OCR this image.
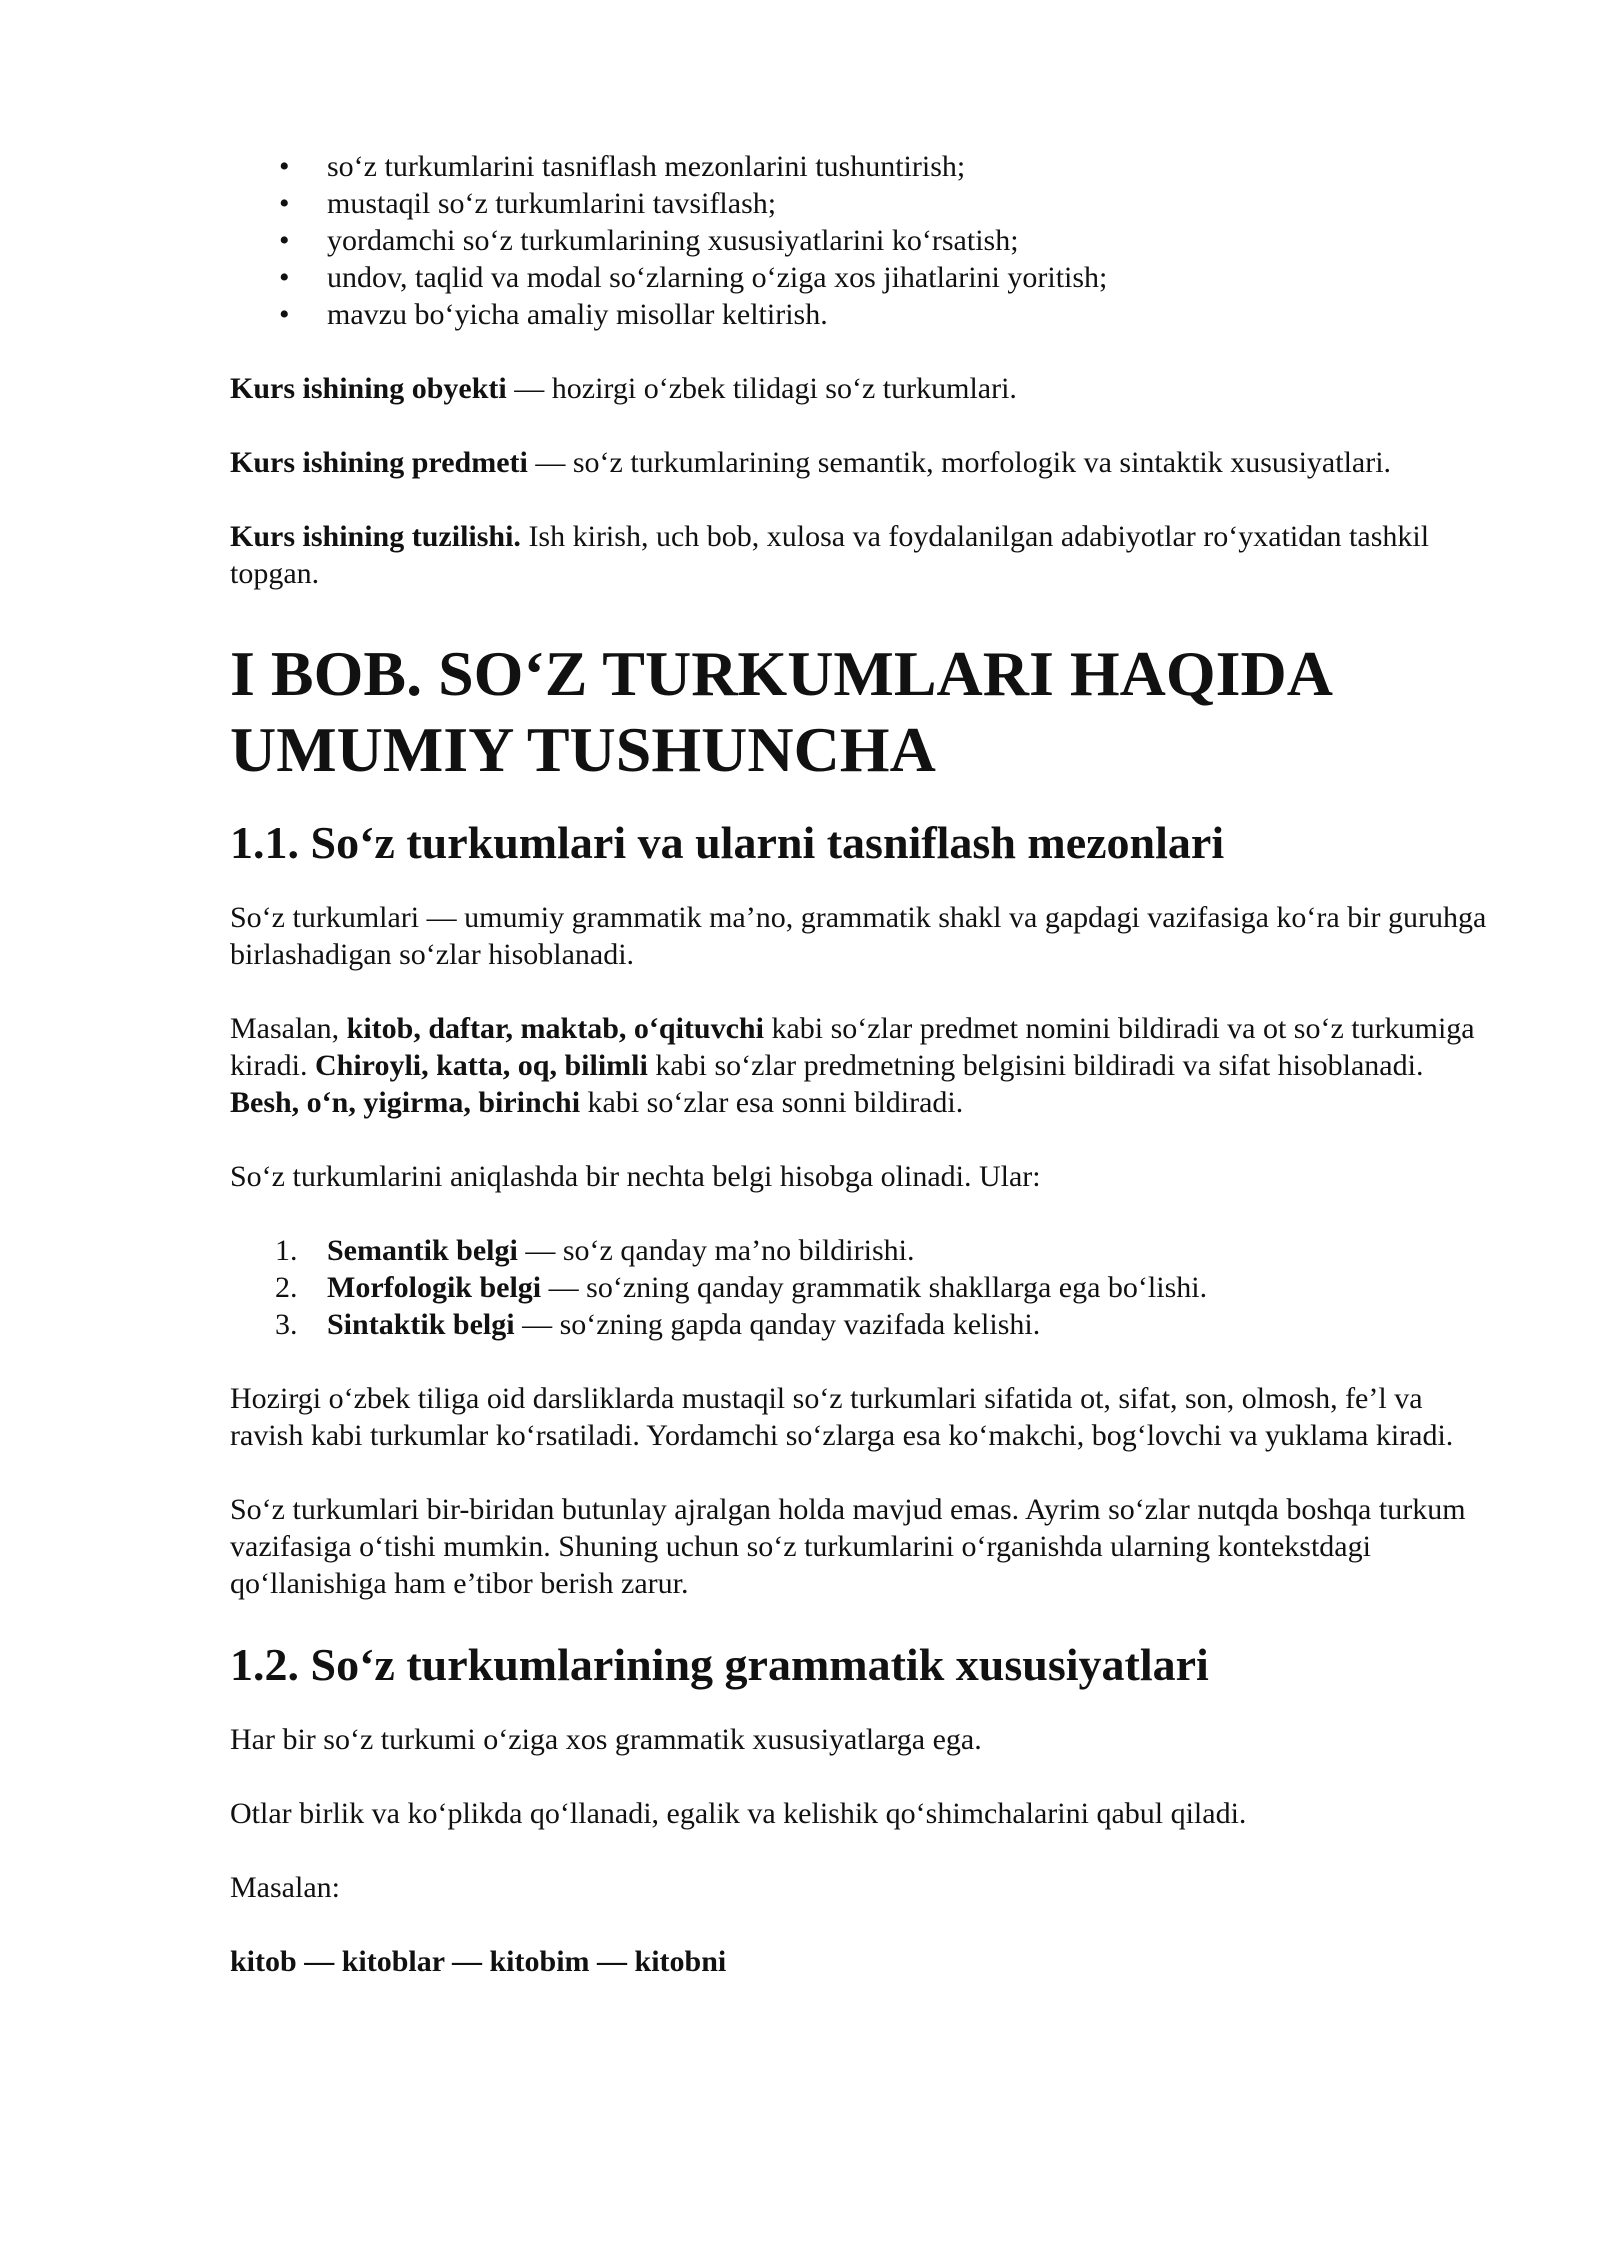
• so‘z turkumlarini tasniflash mezonlarini tushuntirish;
• mustaqil so‘z turkumlarini tavsiflash;
• yordamchi so‘z turkumlarining xususiyatlarini ko‘rsatish;
• undov, taqlid va modal so‘zlarning o‘ziga xos jihatlarini yoritish;
• mavzu bo‘yicha amaliy misollar keltirish.

Kurs ishining obyekti — hozirgi o‘zbek tilidagi so‘z turkumlari.

Kurs ishining predmeti — so‘z turkumlarining semantik, morfologik va sintaktik xususiyatlari.

Kurs ishining tuzilishi. Ish kirish, uch bob, xulosa va foydalanilgan adabiyotlar ro‘yxatidan tashkil topgan.

I BOB. SO‘Z TURKUMLARI HAQIDA
UMUMIY TUSHUNCHA
1.1. So‘z turkumlari va ularni tasniflash mezonlari

So‘z turkumlari — umumiy grammatik ma’no, grammatik shakl va gapdagi vazifasiga ko‘ra bir guruhga birlashadigan so‘zlar hisoblanadi.

Masalan, kitob, daftar, maktab, o‘qituvchi kabi so‘zlar predmet nomini bildiradi va ot so‘z turkumiga kiradi. Chiroyli, katta, oq, bilimli kabi so‘zlar predmetning belgisini bildiradi va sifat hisoblanadi. Besh, o‘n, yigirma, birinchi kabi so‘zlar esa sonni bildiradi.

So‘z turkumlarini aniqlashda bir nechta belgi hisobga olinadi. Ular:

1. Semantik belgi — so‘z qanday ma’no bildirishi.
2. Morfologik belgi — so‘zning qanday grammatik shakllarga ega bo‘lishi.
3. Sintaktik belgi — so‘zning gapda qanday vazifada kelishi.

Hozirgi o‘zbek tiliga oid darsliklarda mustaqil so‘z turkumlari sifatida ot, sifat, son, olmosh, fe’l va ravish kabi turkumlar ko‘rsatiladi. Yordamchi so‘zlarga esa ko‘makchi, bog‘lovchi va yuklama kiradi.

So‘z turkumlari bir-biridan butunlay ajralgan holda mavjud emas. Ayrim so‘zlar nutqda boshqa turkum vazifasiga o‘tishi mumkin. Shuning uchun so‘z turkumlarini o‘rganishda ularning kontekstdagi qo‘llanishiga ham e’tibor berish zarur.

1.2. So‘z turkumlarining grammatik xususiyatlari

Har bir so‘z turkumi o‘ziga xos grammatik xususiyatlarga ega.

Otlar birlik va ko‘plikda qo‘llanadi, egalik va kelishik qo‘shimchalarini qabul qiladi.

Masalan:

kitob — kitoblar — kitobim — kitobni
